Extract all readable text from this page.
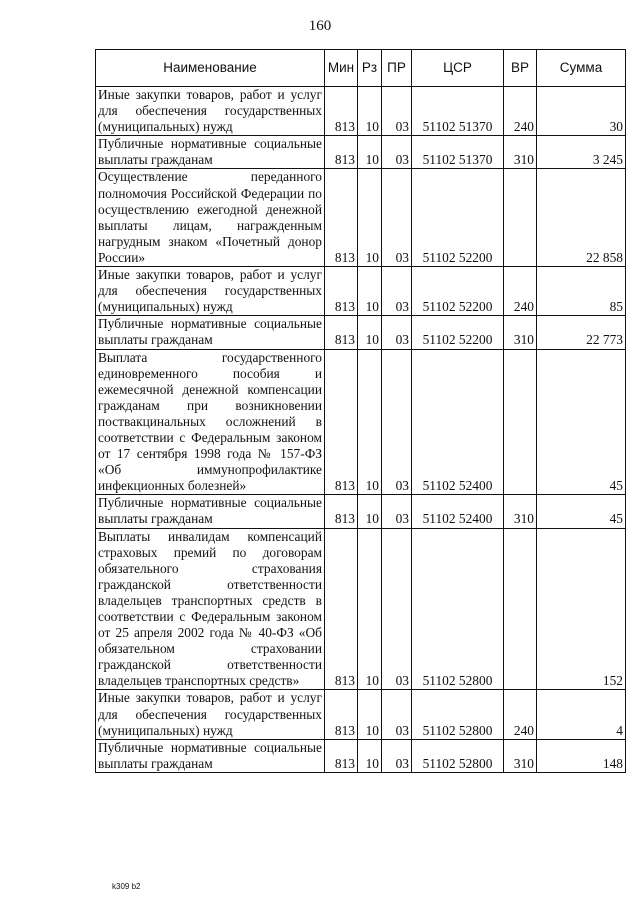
160
Наименование	Мин	Рз	ПР	ЦСР	ВР	Сумма
Иные закупки товаров, работ и услуг для обеспечения государственных (муниципальных) нужд	813	10	03	51102 51370	240	30
Публичные нормативные социальные выплаты гражданам	813	10	03	51102 51370	310	3 245
Осуществление переданного полномочия Российской Федерации по осуществлению ежегодной денежной выплаты лицам, награжденным нагрудным знаком «Почетный донор России»	813	10	03	51102 52200		22 858
Иные закупки товаров, работ и услуг для обеспечения государственных (муниципальных) нужд	813	10	03	51102 52200	240	85
Публичные нормативные социальные выплаты гражданам	813	10	03	51102 52200	310	22 773
Выплата государственного единовременного пособия и ежемесячной денежной компенсации гражданам при возникновении поствакцинальных осложнений в соответствии с Федеральным законом от 17 сентября 1998 года № 157-ФЗ «Об иммунопрофилактике инфекционных болезней»	813	10	03	51102 52400		45
Публичные нормативные социальные выплаты гражданам	813	10	03	51102 52400	310	45
Выплаты инвалидам компенсаций страховых премий по договорам обязательного страхования гражданской ответственности владельцев транспортных средств в соответствии с Федеральным законом от 25 апреля 2002 года № 40-ФЗ «Об обязательном страховании гражданской ответственности владельцев транспортных средств»	813	10	03	51102 52800		152
Иные закупки товаров, работ и услуг для обеспечения государственных (муниципальных) нужд	813	10	03	51102 52800	240	4
Публичные нормативные социальные выплаты гражданам	813	10	03	51102 52800	310	148
k309 b2
